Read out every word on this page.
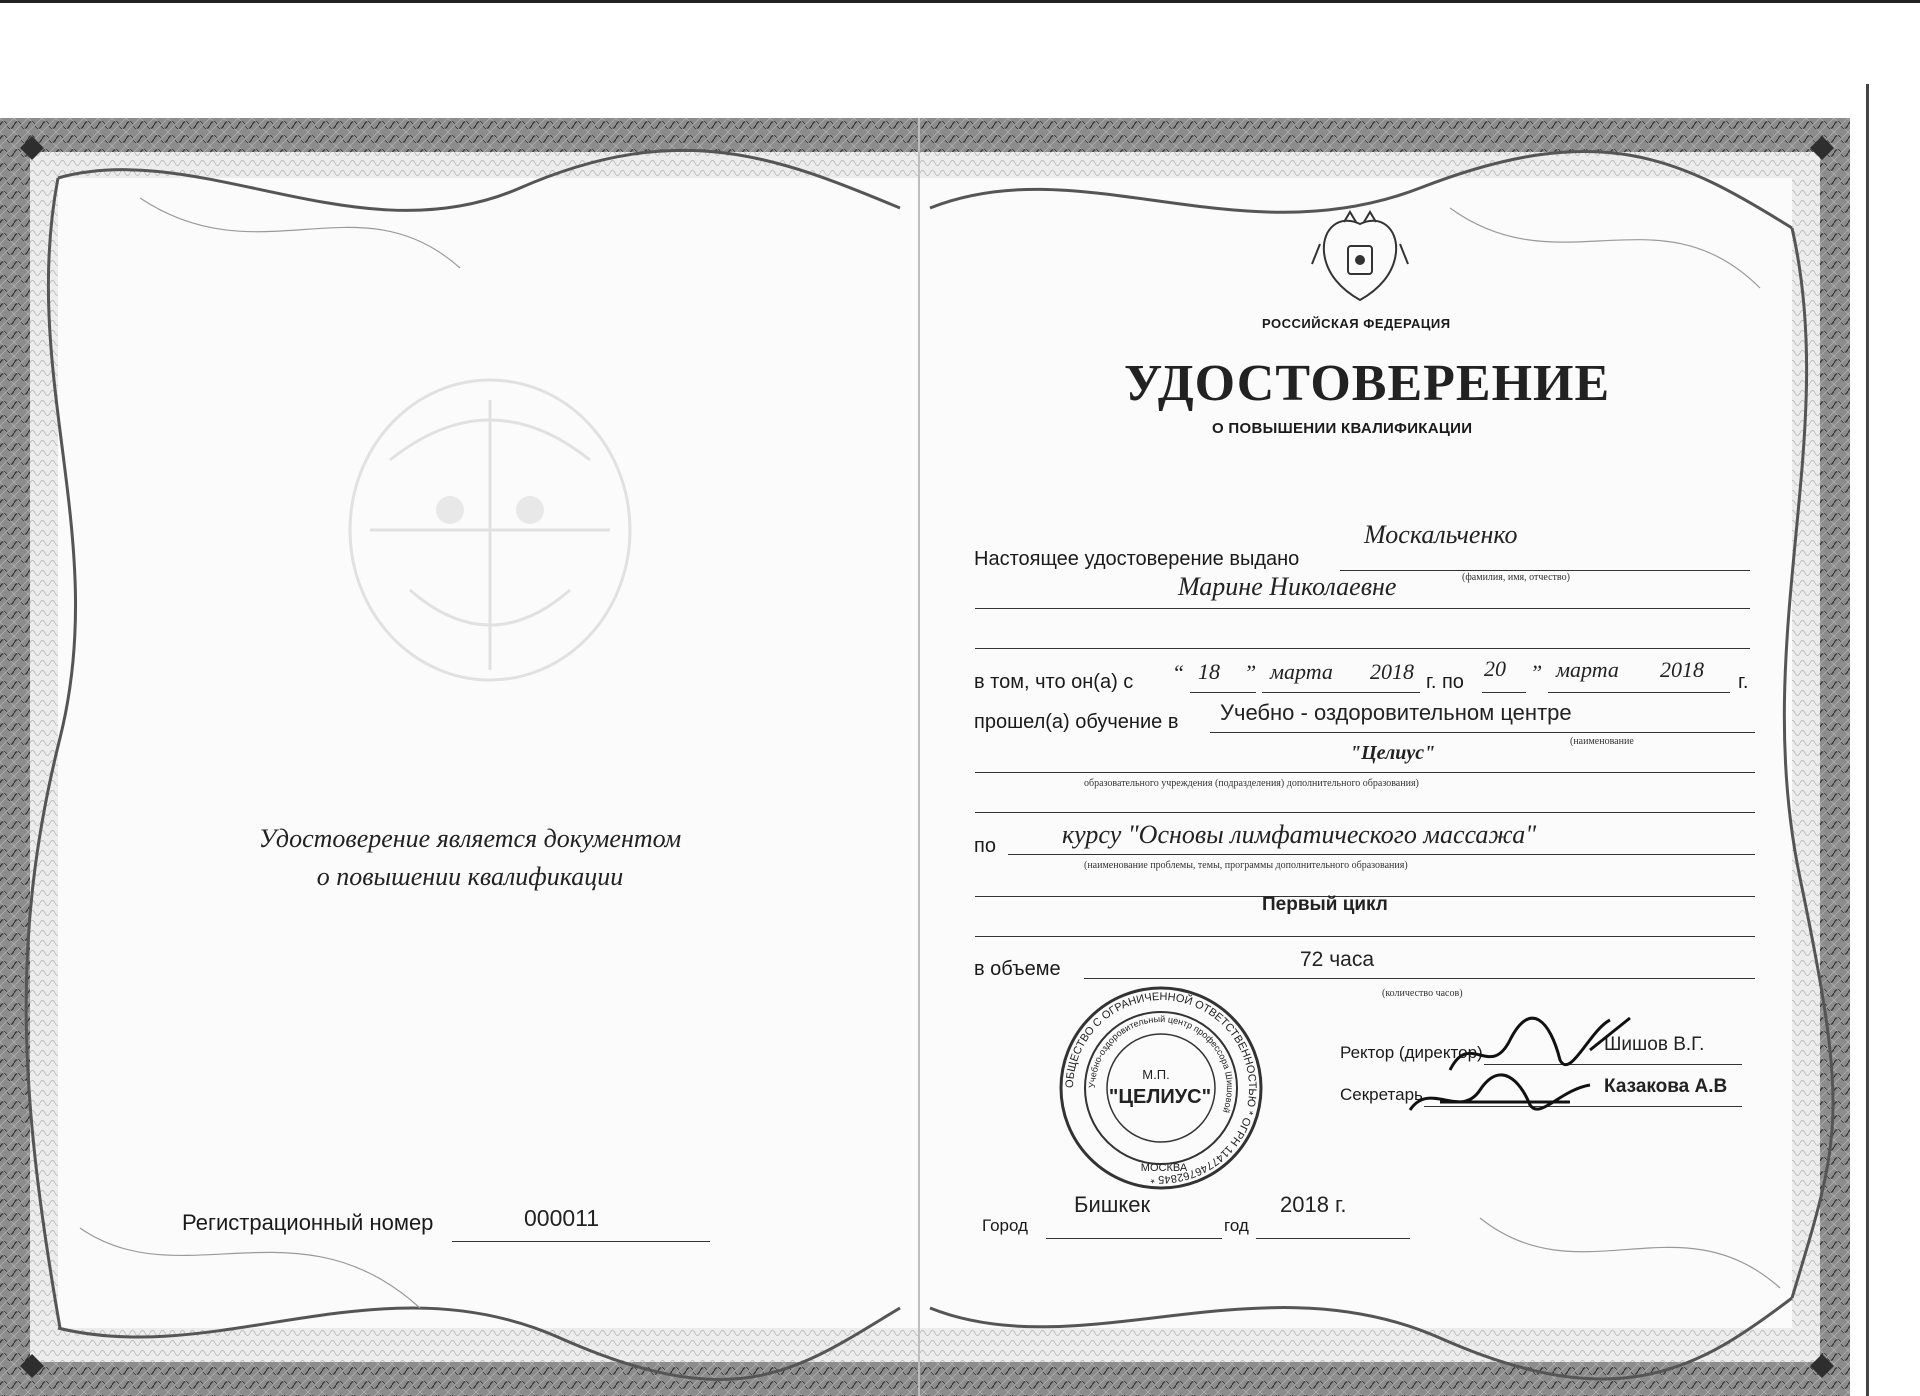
Удостоверение является документом
о повышении квалификации
Регистрационный номер	000011
РОССИЙСКАЯ ФЕДЕРАЦИЯ
УДОСТОВЕРЕНИЕ
О ПОВЫШЕНИИ КВАЛИФИКАЦИИ
Настоящее удостоверение выдано
Москальченко
Марине Николаевне	(фамилия, имя, отчество)
в том, что он(а) с “ 18 ” марта 2018 г. по
20 ” марта 2018 г.
прошел(а) обучение в Учебно - оздоровительном центре
"Целиус"
(наименование
образовательного учреждения (подразделения) дополнительного образования)
по	курсу "Основы лимфатического массажа"
(наименование проблемы, темы, программы дополнительного образования)
Первый цикл
в объеме	72 часа
(количество часов)
Ректор (директор)	Шишов В.Г.
Секретарь	Казакова А.В
ОБЩЕСТВО С ОГРАНИЧЕННОЙ ОТВЕТСТВЕННОСТЬЮ * ОГРН 1147746762845 *
Учебно-оздоровительный центр профессора Шишовой
М.П.
"ЦЕЛИУС"
МОСКВА
Город
Бишкек
год
2018 г.
